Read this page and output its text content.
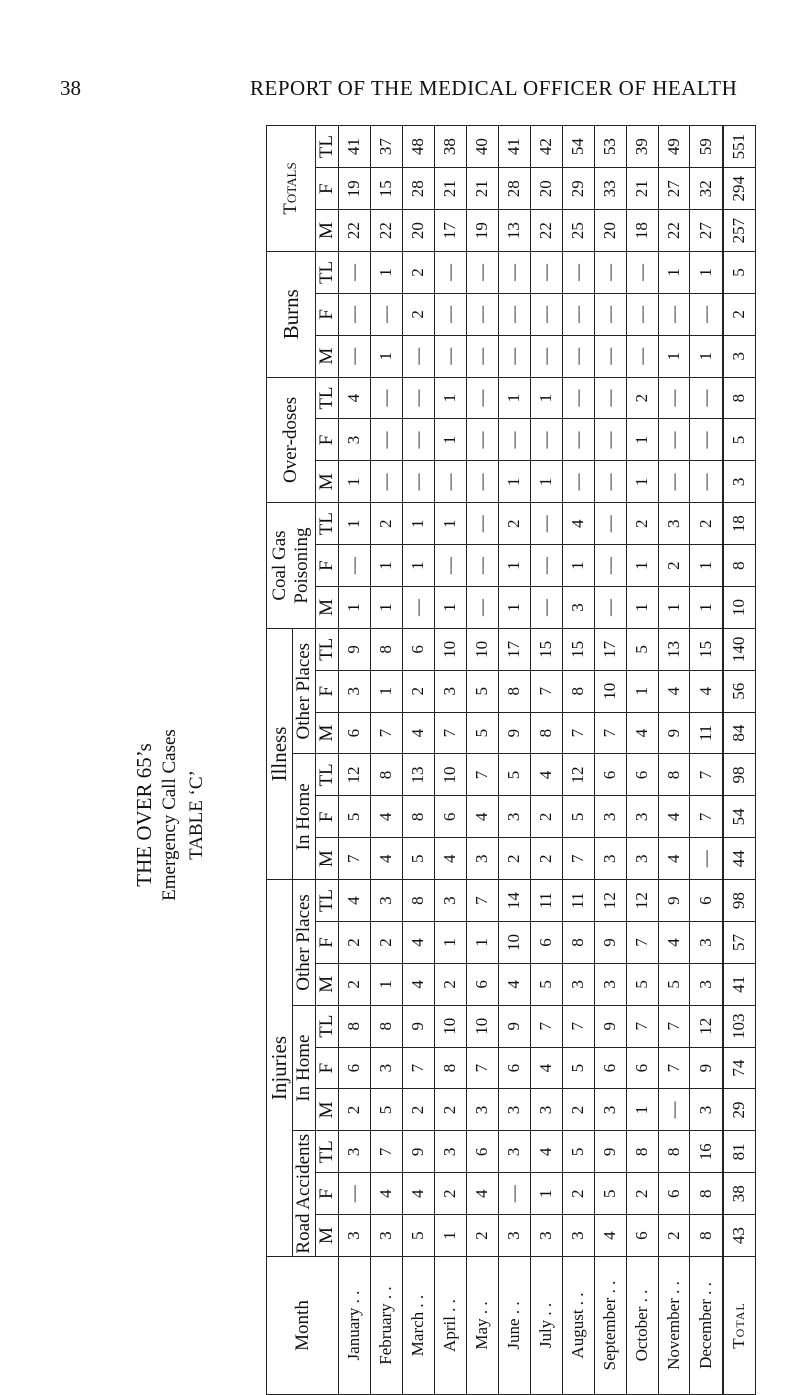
38	REPORT OF THE MEDICAL OFFICER OF HEALTH
THE OVER 65’s Emergency Call Cases TABLE ‘C’
Month	Injuries									Illness						Coal Gas Poisoning			Over-doses			Burns			Totals		
	Road Accidents			In Home			Other Places			In Home			Other Places														
	M	F	TL	M	F	TL	M	F	TL	M	F	TL	M	F	TL	M	F	TL	M	F	TL	M	F	TL	M	F	TL
January . .	3	—	3	2	6	8	2	2	4	7	5	12	6	3	9	1	—	1	1	3	4	—	—	—	22	19	41
February . .	3	4	7	5	3	8	1	2	3	4	4	8	7	1	8	1	1	2	—	—	—	1	—	1	22	15	37
March . .	5	4	9	2	7	9	4	4	8	5	8	13	4	2	6	—	1	1	—	—	—	—	2	2	20	28	48
April . .	1	2	3	2	8	10	2	1	3	4	6	10	7	3	10	1	—	1	—	1	1	—	—	—	17	21	38
May . .	2	4	6	3	7	10	6	1	7	3	4	7	5	5	10	—	—	—	—	—	—	—	—	—	19	21	40
June . .	3	—	3	3	6	9	4	10	14	2	3	5	9	8	17	1	1	2	1	—	1	—	—	—	13	28	41
July . .	3	1	4	3	4	7	5	6	11	2	2	4	8	7	15	—	—	—	1	—	1	—	—	—	22	20	42
August . .	3	2	5	2	5	7	3	8	11	7	5	12	7	8	15	3	1	4	—	—	—	—	—	—	25	29	54
September . .	4	5	9	3	6	9	3	9	12	3	3	6	7	10	17	—	—	—	—	—	—	—	—	—	20	33	53
October . .	6	2	8	1	6	7	5	7	12	3	3	6	4	1	5	1	1	2	1	1	2	—	—	—	18	21	39
November . .	2	6	8	—	7	7	5	4	9	4	4	8	9	4	13	1	2	3	—	—	—	1	—	1	22	27	49
December . .	8	8	16	3	9	12	3	3	6	—	7	7	11	4	15	1	1	2	—	—	—	1	—	1	27	32	59
Total	43	38	81	29	74	103	41	57	98	44	54	98	84	56	140	10	8	18	3	5	8	3	2	5	257	294	551
